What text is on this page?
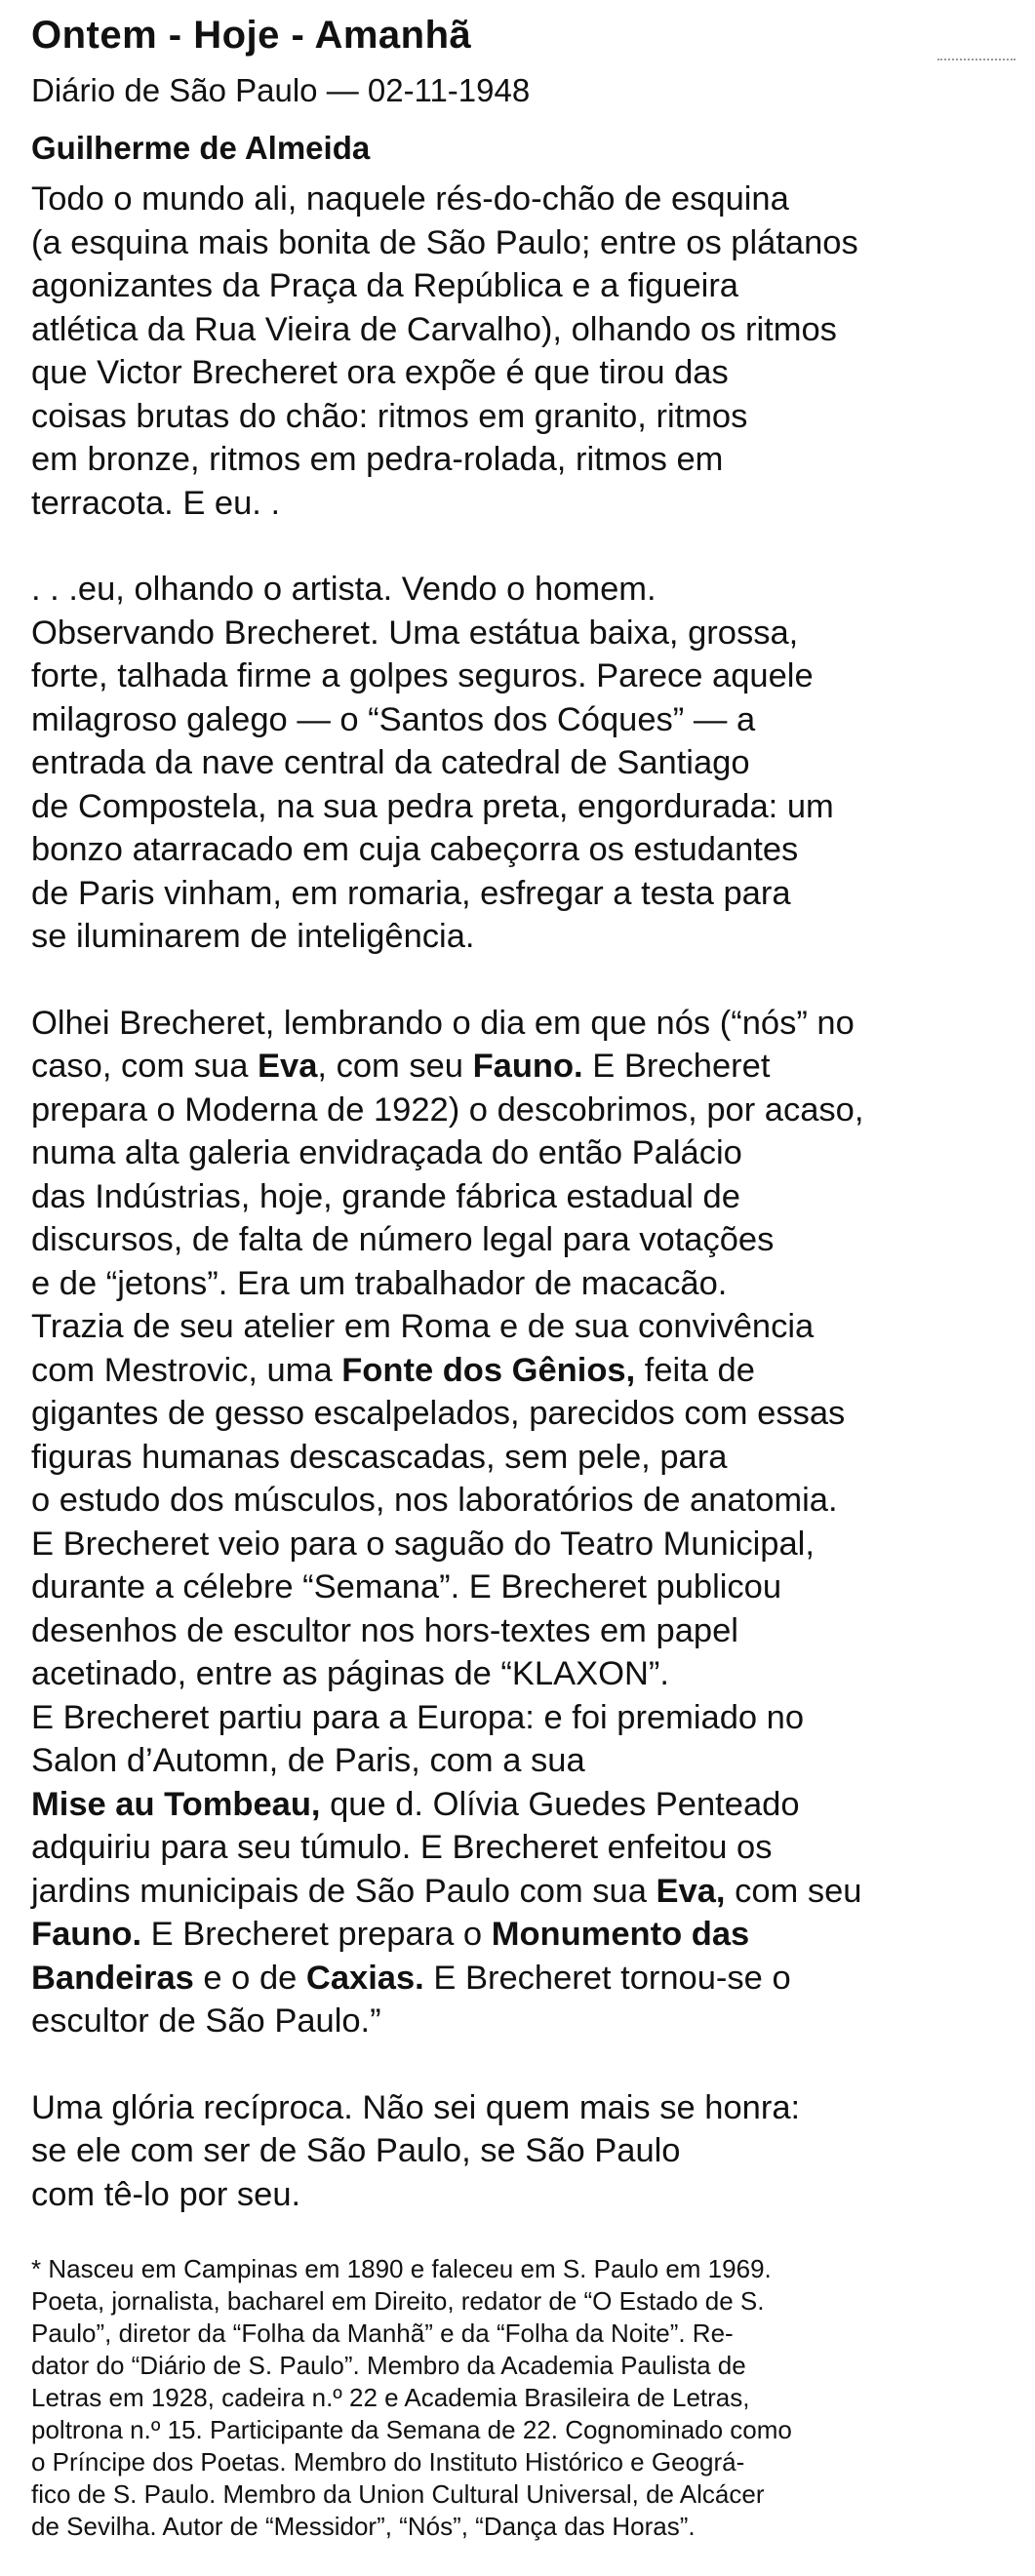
Ontem - Hoje - Amanhã

Diário de São Paulo — 02-11-1948

Guilherme de Almeida

Todo o mundo ali, naquele rés-do-chão de esquina
(a esquina mais bonita de São Paulo; entre os plátanos
agonizantes da Praça da República e a figueira
atlética da Rua Vieira de Carvalho), olhando os ritmos
que Victor Brecheret ora expõe é que tirou das
coisas brutas do chão: ritmos em granito, ritmos
em bronze, ritmos em pedra-rolada, ritmos em
terracota. E eu. .

. . .eu, olhando o artista. Vendo o homem.
Observando Brecheret. Uma estátua baixa, grossa,
forte, talhada firme a golpes seguros. Parece aquele
milagroso galego — o “Santos dos Cóques” — a
entrada da nave central da catedral de Santiago
de Compostela, na sua pedra preta, engordurada: um
bonzo atarracado em cuja cabeçorra os estudantes
de Paris vinham, em romaria, esfregar a testa para
se iluminarem de inteligência.

Olhei Brecheret, lembrando o dia em que nós (“nós” no
caso, com sua Eva, com seu Fauno. E Brecheret
prepara o Moderna de 1922) o descobrimos, por acaso,
numa alta galeria envidraçada do então Palácio
das Indústrias, hoje, grande fábrica estadual de
discursos, de falta de número legal para votações
e de “jetons”. Era um trabalhador de macacão.
Trazia de seu atelier em Roma e de sua convivência
com Mestrovic, uma Fonte dos Gênios, feita de
gigantes de gesso escalpelados, parecidos com essas
figuras humanas descascadas, sem pele, para
o estudo dos músculos, nos laboratórios de anatomia.
E Brecheret veio para o saguão do Teatro Municipal,
durante a célebre “Semana”. E Brecheret publicou
desenhos de escultor nos hors-textes em papel
acetinado, entre as páginas de “KLAXON”.
E Brecheret partiu para a Europa: e foi premiado no
Salon d’Automn, de Paris, com a sua
Mise au Tombeau, que d. Olívia Guedes Penteado
adquiriu para seu túmulo. E Brecheret enfeitou os
jardins municipais de São Paulo com sua Eva, com seu
Fauno. E Brecheret prepara o Monumento das
Bandeiras e o de Caxias. E Brecheret tornou-se o
escultor de São Paulo.”

Uma glória recíproca. Não sei quem mais se honra:
se ele com ser de São Paulo, se São Paulo
com tê-lo por seu.

* Nasceu em Campinas em 1890 e faleceu em S. Paulo em 1969.
Poeta, jornalista, bacharel em Direito, redator de “O Estado de S.
Paulo”, diretor da “Folha da Manhã” e da “Folha da Noite”. Re-
dator do “Diário de S. Paulo”. Membro da Academia Paulista de
Letras em 1928, cadeira n.º 22 e Academia Brasileira de Letras,
poltrona n.º 15. Participante da Semana de 22. Cognominado como
o Príncipe dos Poetas. Membro do Instituto Histórico e Geográ-
fico de S. Paulo. Membro da Union Cultural Universal, de Alcácer
de Sevilha. Autor de “Messidor”, “Nós”, “Dança das Horas”.
